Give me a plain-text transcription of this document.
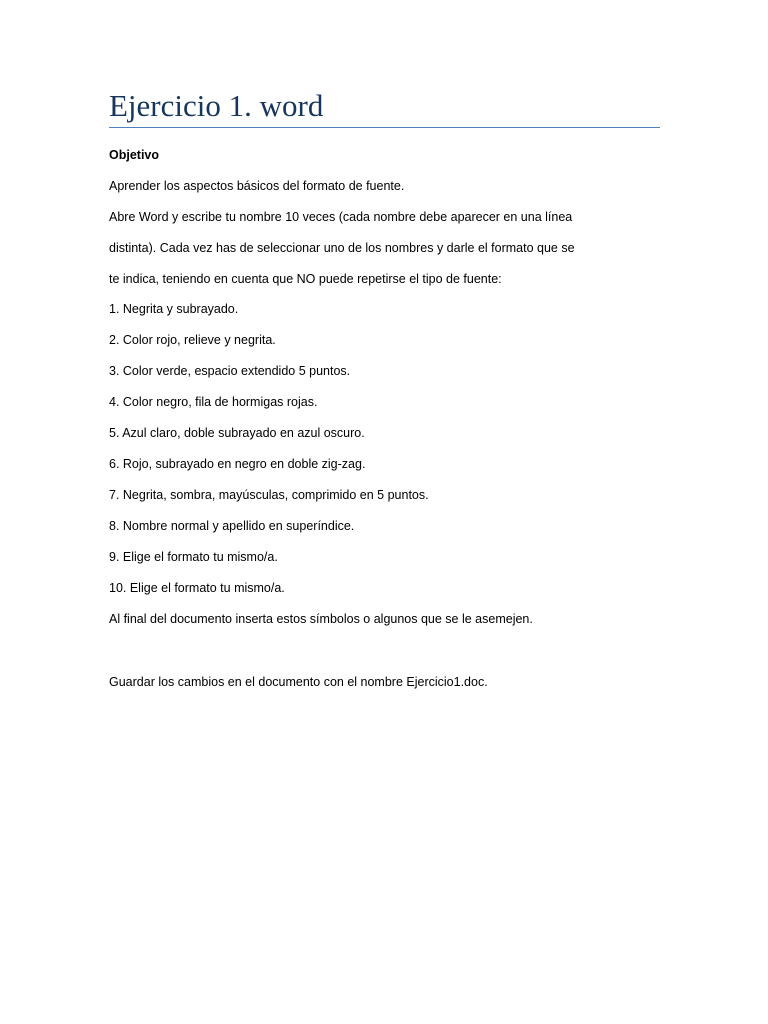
Ejercicio 1. word
Objetivo
Aprender los aspectos básicos del formato de fuente.
Abre Word y escribe tu nombre 10 veces (cada nombre debe aparecer en una línea
distinta). Cada vez has de seleccionar uno de los nombres y darle el formato que se
te indica, teniendo en cuenta que NO puede repetirse el tipo de fuente:
1. Negrita y subrayado.
2. Color rojo, relieve y negrita.
3. Color verde, espacio extendido 5 puntos.
4. Color negro, fila de hormigas rojas.
5. Azul claro, doble subrayado en azul oscuro.
6. Rojo, subrayado en negro en doble zig-zag.
7. Negrita, sombra, mayúsculas, comprimido en 5 puntos.
8. Nombre normal y apellido en superíndice.
9. Elige el formato tu mismo/a.
10. Elige el formato tu mismo/a.
Al final del documento inserta estos símbolos o algunos que se le asemejen.
Guardar los cambios en el documento con el nombre Ejercicio1.doc.
